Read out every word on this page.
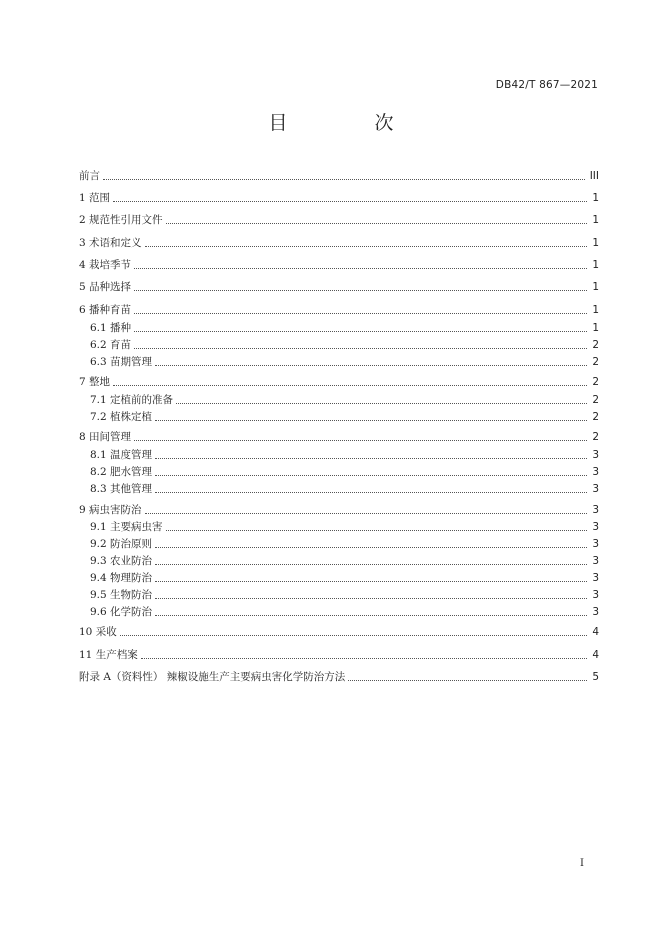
DB42/T 867—2021
目　次
前言	III
1 范围	1
2 规范性引用文件	1
3 术语和定义	1
4 栽培季节	1
5 品种选择	1
6 播种育苗	1
6.1 播种	1
6.2 育苗	2
6.3 苗期管理	2
7 整地	2
7.1 定植前的准备	2
7.2 植株定植	2
8 田间管理	2
8.1 温度管理	3
8.2 肥水管理	3
8.3 其他管理	3
9 病虫害防治	3
9.1 主要病虫害	3
9.2 防治原则	3
9.3 农业防治	3
9.4 物理防治	3
9.5 生物防治	3
9.6 化学防治	3
10 采收	4
11 生产档案	4
附录 A（资料性） 辣椒设施生产主要病虫害化学防治方法	5
I
